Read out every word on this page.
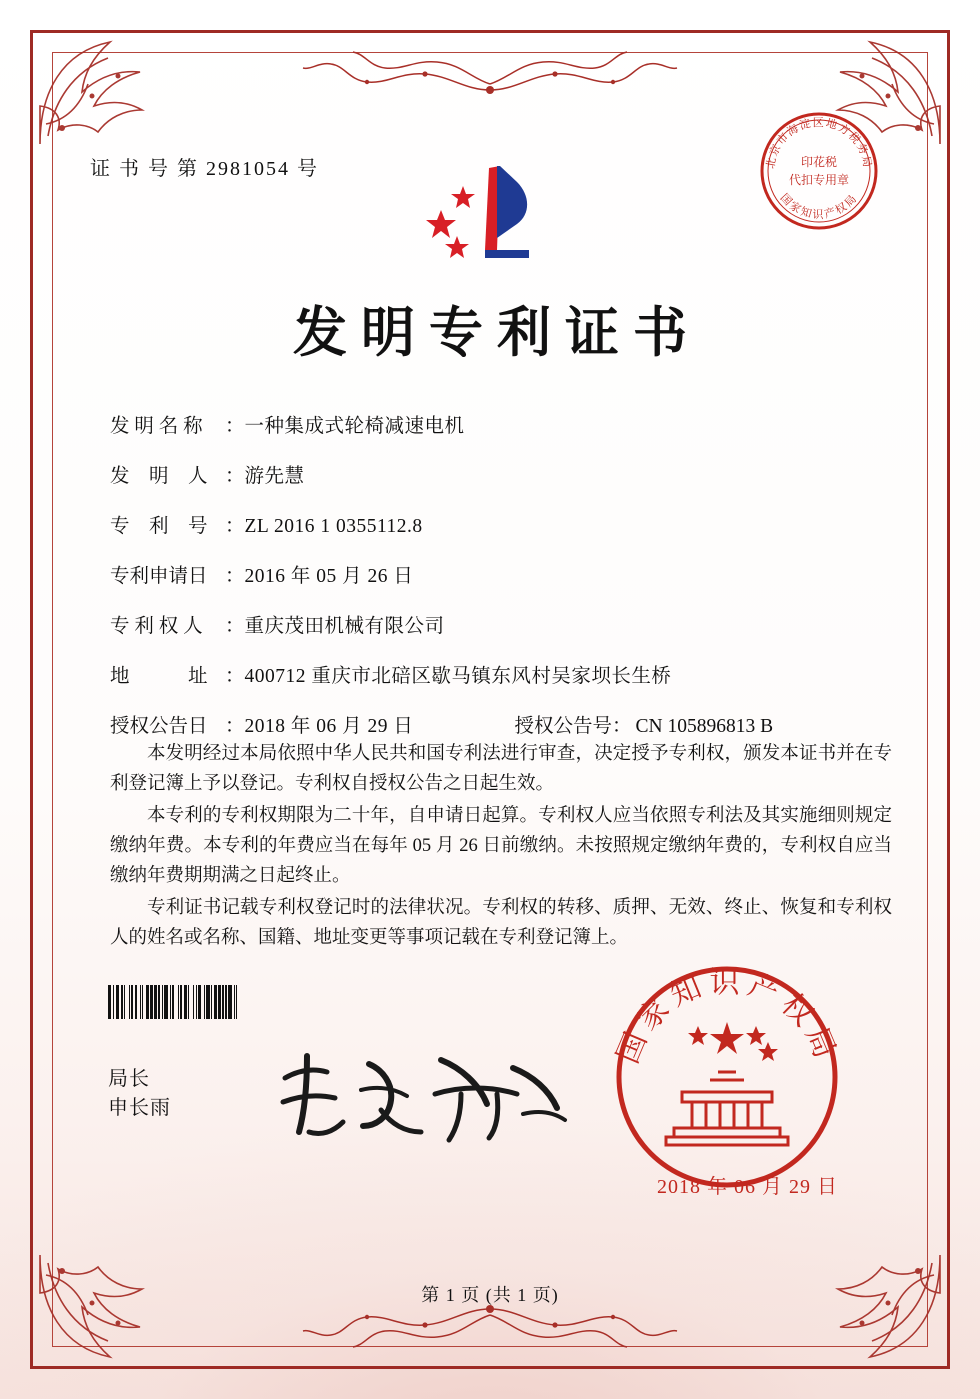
证 书 号 第 2981054 号	北京市海淀区地方税务局
国家知识产权局
印花税
代扣专用章
发明专利证书
发 明 名 称	： 一种集成式轮椅减速电机
发　明　人 ： 游先慧
专　利　号 ： ZL 2016 1 0355112.8
专利申请日 ： 2016 年 05 月 26 日
专 利 权 人	： 重庆茂田机械有限公司
地　　　址 ： 400712 重庆市北碚区歇马镇东风村吴家坝长生桥
授权公告日 ： 2018 年 06 月 29 日	授权公告号 ： CN 105896813 B

本发明经过本局依照中华人民共和国专利法进行审查，决定授予专利权，颁发本证书并在专利登记簿上予以登记。专利权自授权公告之日起生效。

本专利的专利权期限为二十年，自申请日起算。专利权人应当依照专利法及其实施细则规定缴纳年费。本专利的年费应当在每年 05 月 26 日前缴纳。未按照规定缴纳年费的，专利权自应当缴纳年费期期满之日起终止。

专利证书记载专利权登记时的法律状况。专利权的转移、质押、无效、终止、恢复和专利权人的姓名或名称、国籍、地址变更等事项记载在专利登记簿上。

局长
申长雨
国家知识产权局
2018 年 06 月 29 日
第 1 页 (共 1 页)
